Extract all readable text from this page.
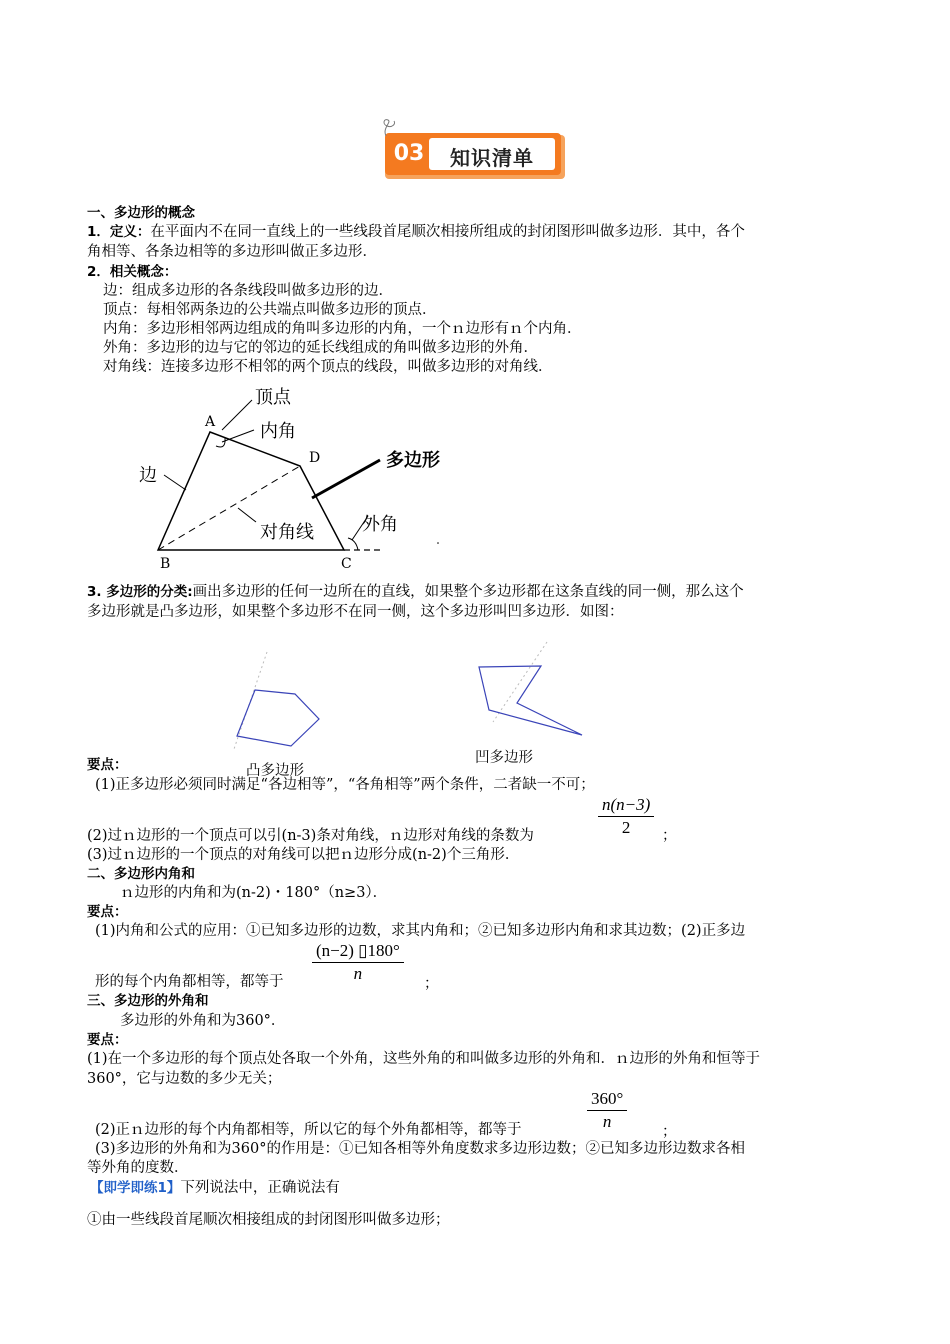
03	知识清单
一、多边形的概念
1．定义：在平面内不在同一直线上的一些线段首尾顺次相接所组成的封闭图形叫做多边形．其中，各个
角相等、各条边相等的多边形叫做正多边形．
2．相关概念：
边：组成多边形的各条线段叫做多边形的边．
顶点：每相邻两条边的公共端点叫做多边形的顶点．
内角：多边形相邻两边组成的角叫多边形的内角，一个ｎ边形有ｎ个内角．
外角：多边形的边与它的邻边的延长线组成的角叫做多边形的外角．
对角线：连接多边形不相邻的两个顶点的线段，叫做多边形的对角线．
顶点
内角
多边形
边
对角线	外角
A
D
B	C
3. 多边形的分类:画出多边形的任何一边所在的直线，如果整个多边形都在这条直线的同一侧，那么这个
多边形就是凸多边形，如果整个多边形不在同一侧，这个多边形叫凹多边形．如图：
凹多边形
要点：	凸多边形
(1)正多边形必须同时满足“各边相等”，“各角相等”两个条件，二者缺一不可；
$\frac{n(n-3)}{2}$
(2)过ｎ边形的一个顶点可以引(n-3)条对角线，ｎ边形对角线的条数为	；
(3)过ｎ边形的一个顶点的对角线可以把ｎ边形分成(n-2)个三角形．
二、多边形内角和
ｎ边形的内角和为(n-2)・180°（n≥3）．
要点：
(1)内角和公式的应用：①已知多边形的边数，求其内角和；②已知多边形内角和求其边数；(2)正多边
$\frac{(n-2) ▯180^\circ}{n}$
形的每个内角都相等，都等于	；
三、多边形的外角和
多边形的外角和为360°．
要点：
(1)在一个多边形的每个顶点处各取一个外角，这些外角的和叫做多边形的外角和．ｎ边形的外角和恒等于
360°，它与边数的多少无关；
$\frac{360^\circ}{n}$
(2)正ｎ边形的每个内角都相等，所以它的每个外角都相等，都等于	；
(3)多边形的外角和为360°的作用是：①已知各相等外角度数求多边形边数；②已知多边形边数求各相
等外角的度数．
【即学即练1】下列说法中，正确说法有
①由一些线段首尾顺次相接组成的封闭图形叫做多边形；
